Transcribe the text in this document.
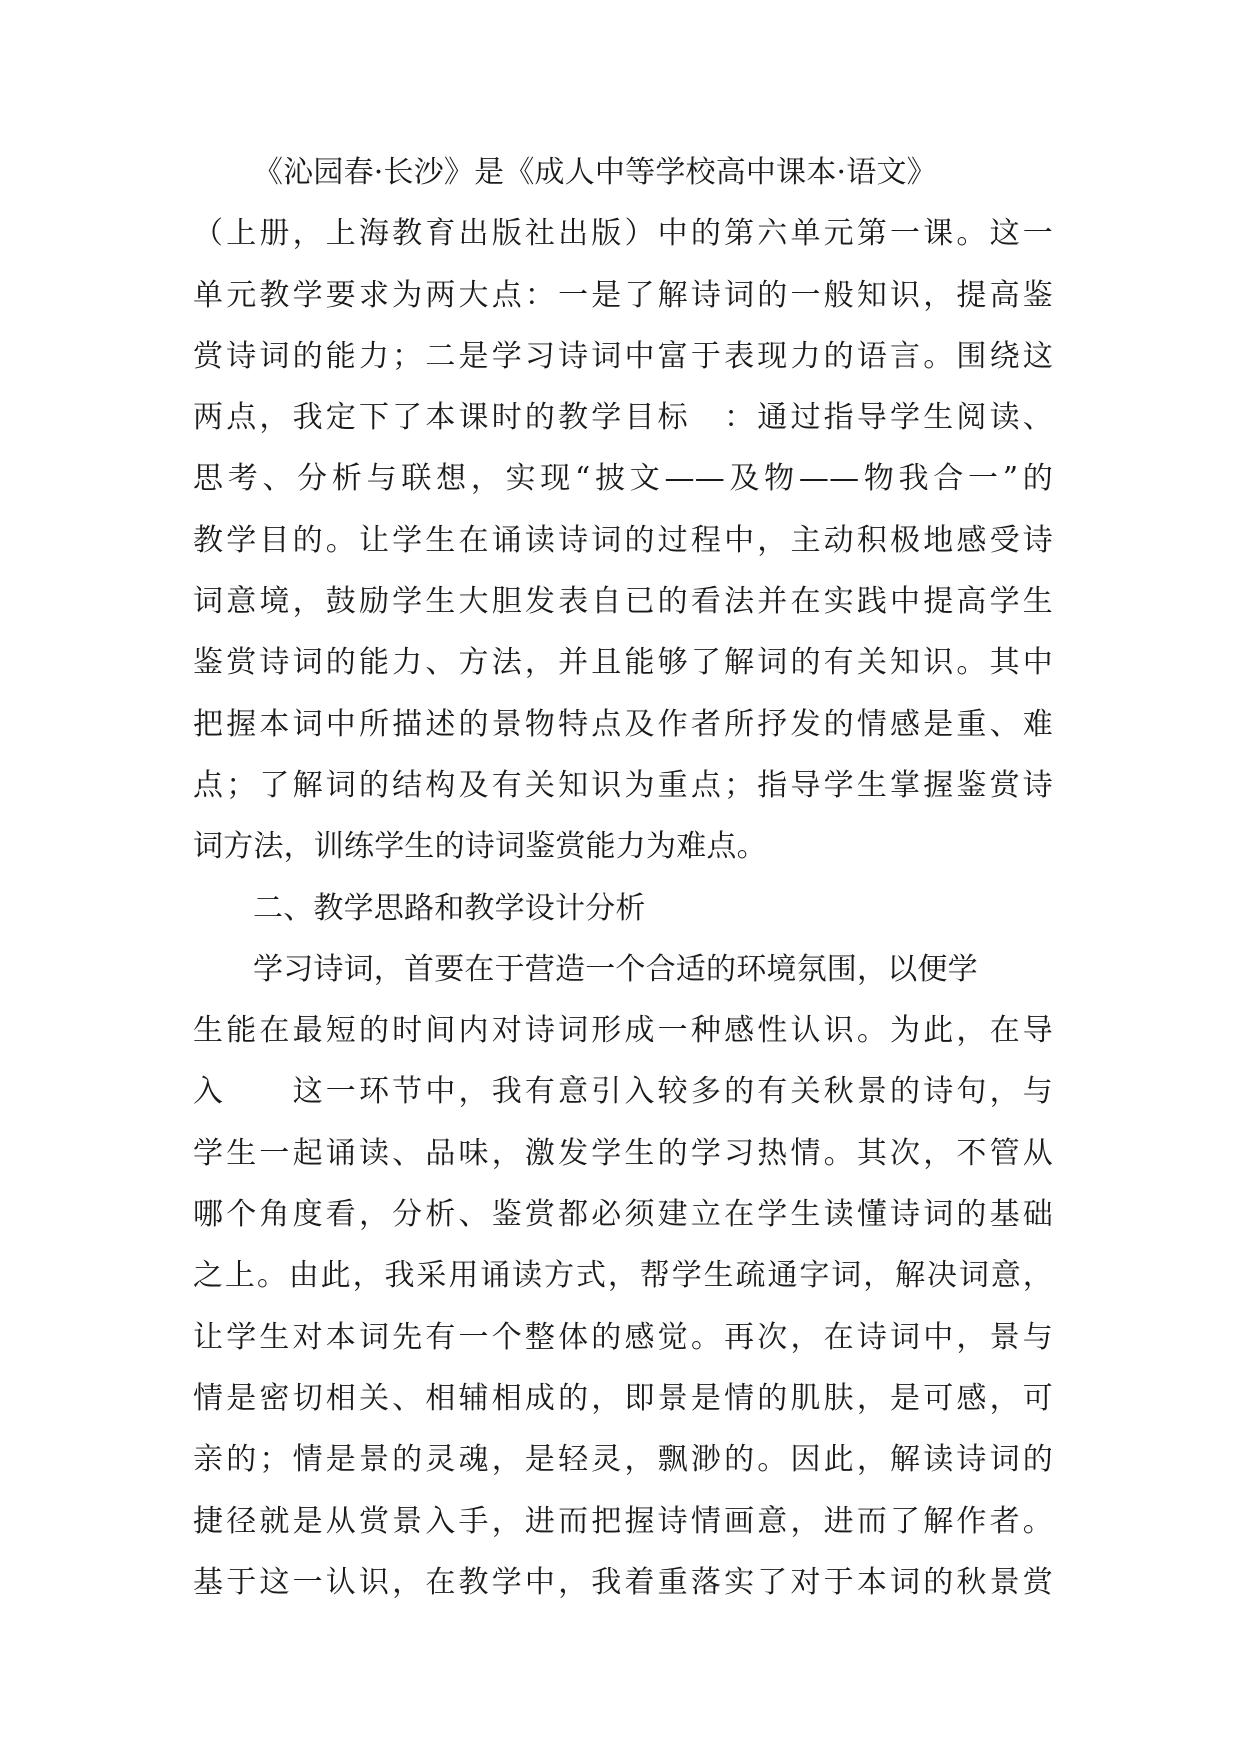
《沁园春·长沙》是《成人中等学校高中课本·语文》
（上册，上海教育出版社出版）中的第六单元第一课。这一
单元教学要求为两大点：一是了解诗词的一般知识，提高鉴
赏诗词的能力；二是学习诗词中富于表现力的语言。围绕这
两点，我定下了本课时的教学目标　：通过指导学生阅读、
思考、分析与联想，实现“披文——及物——物我合一”的
教学目的。让学生在诵读诗词的过程中，主动积极地感受诗
词意境，鼓励学生大胆发表自已的看法并在实践中提高学生
鉴赏诗词的能力、方法，并且能够了解词的有关知识。其中
把握本词中所描述的景物特点及作者所抒发的情感是重、难
点；了解词的结构及有关知识为重点；指导学生掌握鉴赏诗
词方法，训练学生的诗词鉴赏能力为难点。
二、教学思路和教学设计分析
学习诗词，首要在于营造一个合适的环境氛围，以便学
生能在最短的时间内对诗词形成一种感性认识。为此，在导
入　　这一环节中，我有意引入较多的有关秋景的诗句，与
学生一起诵读、品味，激发学生的学习热情。其次，不管从
哪个角度看，分析、鉴赏都必须建立在学生读懂诗词的基础
之上。由此，我采用诵读方式，帮学生疏通字词，解决词意，
让学生对本词先有一个整体的感觉。再次，在诗词中，景与
情是密切相关、相辅相成的，即景是情的肌肤，是可感，可
亲的；情是景的灵魂，是轻灵，飘渺的。因此，解读诗词的
捷径就是从赏景入手，进而把握诗情画意，进而了解作者。
基于这一认识，在教学中，我着重落实了对于本词的秋景赏
